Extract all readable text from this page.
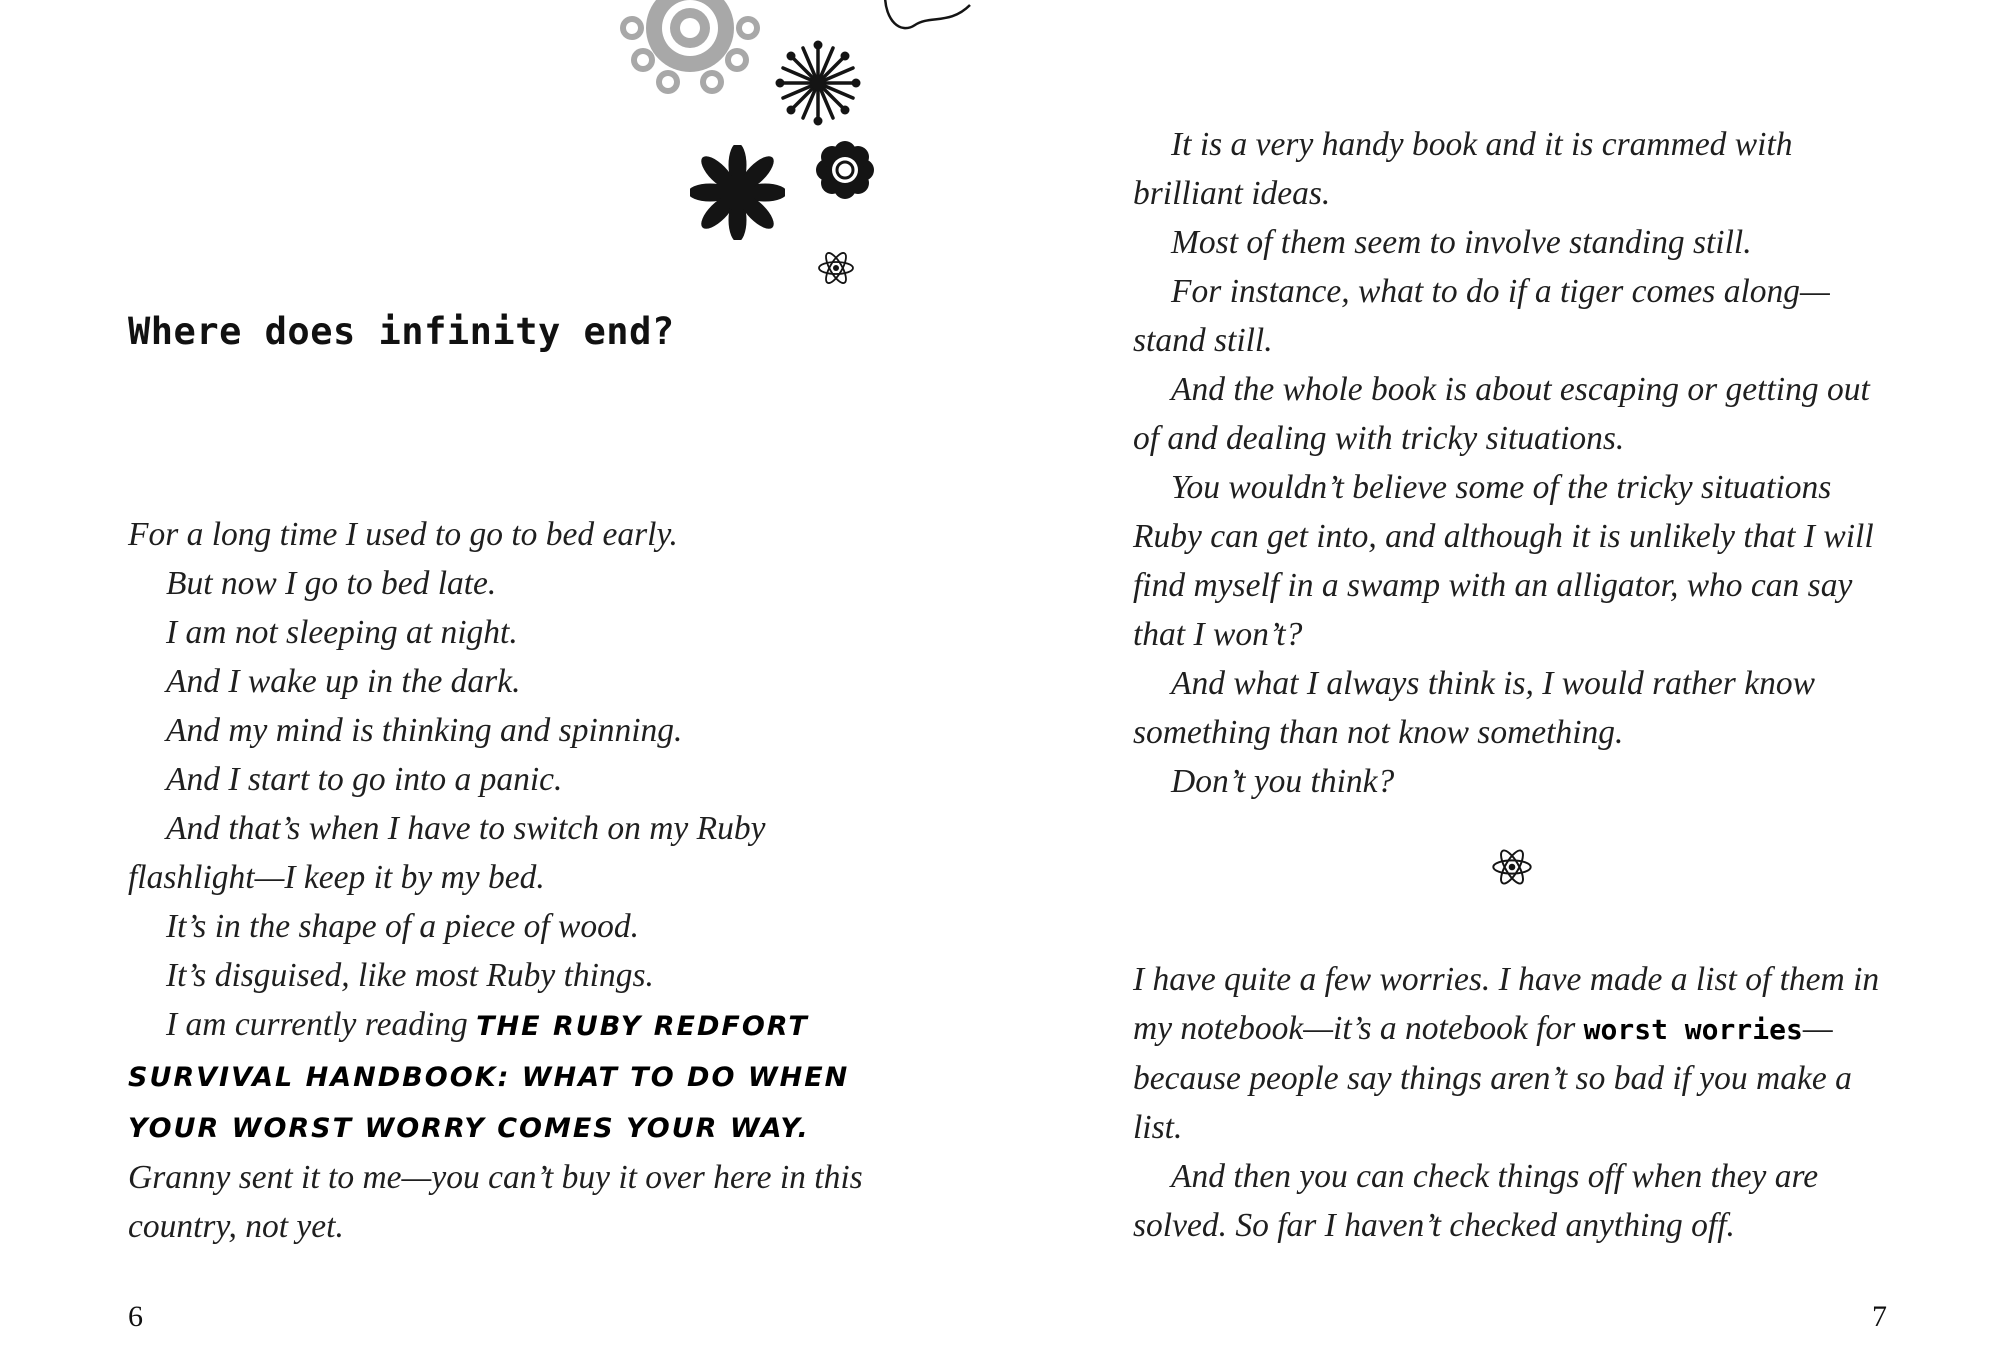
Where does infinity end?

For a long time I used to go to bed early.

But now I go to bed late.

I am not sleeping at night.

And I wake up in the dark.

And my mind is thinking and spinning.

And I start to go into a panic.

And that’s when I have to switch on my Ruby flashlight—I keep it by my bed.

It’s in the shape of a piece of wood.

It’s disguised, like most Ruby things.

I am currently reading THE RUBY REDFORT SURVIVAL HANDBOOK: WHAT TO DO WHEN YOUR WORST WORRY COMES YOUR WAY.

Granny sent it to me—you can’t buy it over here in this country, not yet.

6

It is a very handy book and it is crammed with brilliant ideas.

Most of them seem to involve standing still.

For instance, what to do if a tiger comes along—stand still.

And the whole book is about escaping or getting out of and dealing with tricky situations.

You wouldn’t believe some of the tricky situations Ruby can get into, and although it is unlikely that I will find myself in a swamp with an alligator, who can say that I won’t?

And what I always think is, I would rather know something than not know something.

Don’t you think?

I have quite a few worries. I have made a list of them in my notebook—it’s a notebook for worst worries—because people say things aren’t so bad if you make a list.

And then you can check things off when they are solved. So far I haven’t checked anything off.

7
